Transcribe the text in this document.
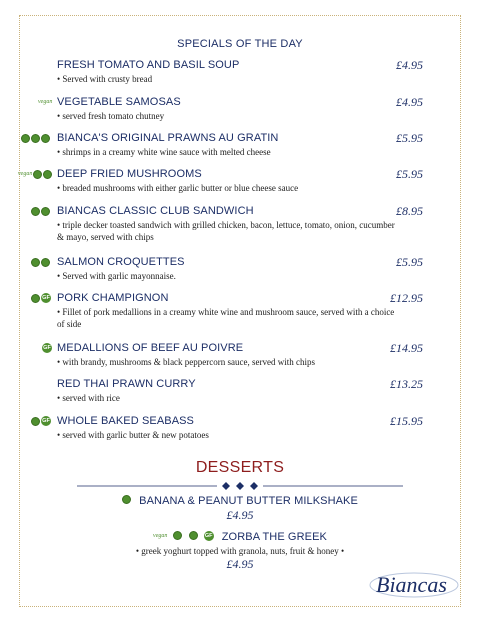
SPECIALS OF THE DAY
FRESH TOMATO AND BASIL SOUP	£4.95
• Served with crusty bread
vegan VEGETABLE SAMOSAS	£4.95
• served fresh tomato chutney
BIANCA'S ORIGINAL PRAWNS AU GRATIN	£5.95
• shrimps in a creamy white wine sauce with melted cheese
vegan DEEP FRIED MUSHROOMS	£5.95
• breaded mushrooms with either garlic butter or blue cheese sauce
BIANCAS CLASSIC CLUB SANDWICH	£8.95
• triple decker toasted sandwich with grilled chicken, bacon, lettuce, tomato, onion, cucumber & mayo, served with chips
SALMON CROQUETTES	£5.95
• Served with garlic mayonnaise.
GF PORK CHAMPIGNON	£12.95
• Fillet of pork medallions in a creamy white wine and mushroom sauce, served with a choice of side
GF MEDALLIONS OF BEEF AU POIVRE	£14.95
• with brandy, mushrooms & black peppercorn sauce, served with chips
RED THAI PRAWN CURRY	£13.25
• served with rice
GF WHOLE BAKED SEABASS	£15.95
• served with garlic butter & new potatoes
DESSERTS
BANANA & PEANUT BUTTER MILKSHAKE
£4.95
vegan	GF ZORBA THE GREEK
• greek yoghurt topped with granola, nuts, fruit & honey •
£4.95
Biancas
